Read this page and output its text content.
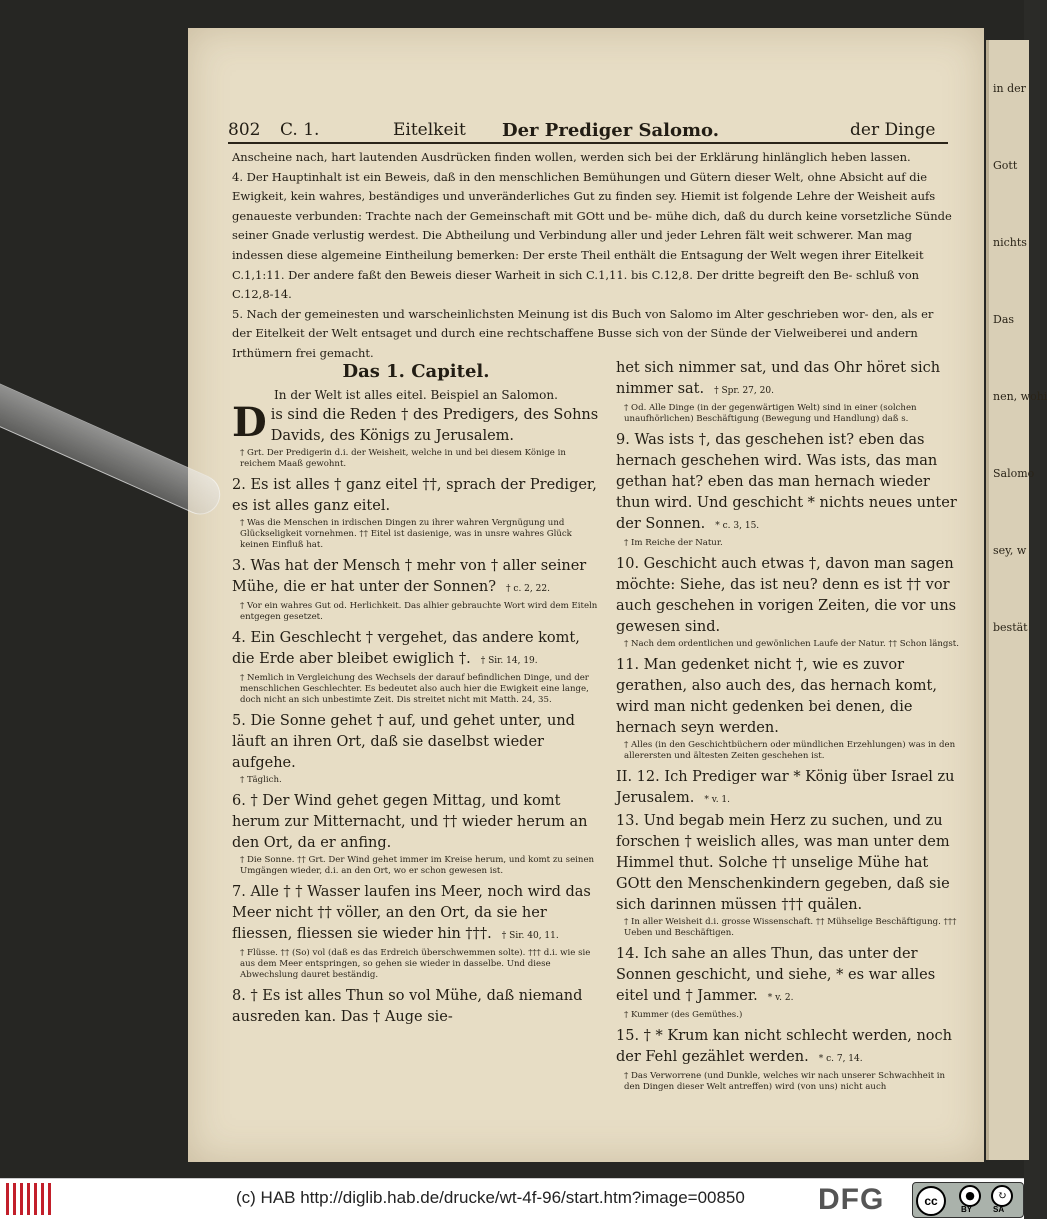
802 C. 1.	Eitelkeit Der Prediger Salomo.	der Dinge

Anscheine nach, hart lautenden Ausdrücken finden wollen, werden sich bei der Erklärung hinlänglich heben lassen.

4. Der Hauptinhalt ist ein Beweis, daß in den menschlichen Bemühungen und Gütern dieser Welt, ohne Absicht auf die Ewigkeit, kein wahres, beständiges und unveränderliches Gut zu finden sey. Hiemit ist folgende Lehre der Weisheit aufs genaueste verbunden: Trachte nach der Gemeinschaft mit GOtt und be- mühe dich, daß du durch keine vorsetzliche Sünde seiner Gnade verlustig werdest. Die Abtheilung und Verbindung aller und jeder Lehren fält weit schwerer. Man mag indessen diese algemeine Eintheilung bemerken: Der erste Theil enthält die Entsagung der Welt wegen ihrer Eitelkeit C.1,1:11. Der andere faßt den Beweis dieser Warheit in sich C.1,11. bis C.12,8. Der dritte begreift den Be- schluß von C.12,8-14.

5. Nach der gemeinesten und warscheinlichsten Meinung ist dis Buch von Salomo im Alter geschrieben wor- den, als er der Eitelkeit der Welt entsaget und durch eine rechtschaffene Busse sich von der Sünde der Vielweiberei und andern Irthümern frei gemacht.

Das 1. Capitel.

In der Welt ist alles eitel. Beispiel an Salomon.

Dis sind die Reden † des Predigers, des Sohns Davids, des Königs zu Jerusalem.

† Grt. Der Predigerin d.i. der Weisheit, welche in und bei diesem Könige in reichem Maaß gewohnt.

2. Es ist alles † ganz eitel ††, sprach der Prediger, es ist alles ganz eitel.

† Was die Menschen in irdischen Dingen zu ihrer wahren Vergnügung und Glückseligkeit vornehmen. †† Eitel ist dasienige, was in unsre wahres Glück keinen Einfluß hat.

3. Was hat der Mensch † mehr von † aller seiner Mühe, die er hat unter der Sonnen? † c. 2, 22.

† Vor ein wahres Gut od. Herlichkeit. Das alhier gebrauchte Wort wird dem Eiteln entgegen gesetzet.

4. Ein Geschlecht † vergehet, das andere komt, die Erde aber bleibet ewiglich †. † Sir. 14, 19.

† Nemlich in Vergleichung des Wechsels der darauf befindlichen Dinge, und der menschlichen Geschlechter. Es bedeutet also auch hier die Ewigkeit eine lange, doch nicht an sich unbestimte Zeit. Dis streitet nicht mit Matth. 24, 35.

5. Die Sonne gehet † auf, und gehet unter, und läuft an ihren Ort, daß sie daselbst wieder aufgehe.

† Täglich.

6. † Der Wind gehet gegen Mittag, und komt herum zur Mitternacht, und †† wieder herum an den Ort, da er anfing.

† Die Sonne. †† Grt. Der Wind gehet immer im Kreise herum, und komt zu seinen Umgängen wieder, d.i. an den Ort, wo er schon gewesen ist.

7. Alle † † Wasser laufen ins Meer, noch wird das Meer nicht †† völler, an den Ort, da sie her fliessen, fliessen sie wieder hin †††. † Sir. 40, 11.

† Flüsse. †† (So) vol (daß es das Erdreich überschwemmen solte). ††† d.i. wie sie aus dem Meer entspringen, so gehen sie wieder in dasselbe. Und diese Abwechslung dauret beständig.

8. † Es ist alles Thun so vol Mühe, daß niemand ausreden kan. Das † Auge sie-

het sich nimmer sat, und das Ohr höret sich nimmer sat. † Spr. 27, 20.

† Od. Alle Dinge (in der gegenwärtigen Welt) sind in einer (solchen unaufhörlichen) Beschäftigung (Bewegung und Handlung) daß s.

9. Was ists †, das geschehen ist? eben das hernach geschehen wird. Was ists, das man gethan hat? eben das man hernach wieder thun wird. Und geschicht * nichts neues unter der Sonnen. * c. 3, 15.

† Im Reiche der Natur.

10. Geschicht auch etwas †, davon man sagen möchte: Siehe, das ist neu? denn es ist †† vor auch geschehen in vorigen Zeiten, die vor uns gewesen sind.

† Nach dem ordentlichen und gewönlichen Laufe der Natur. †† Schon längst.

11. Man gedenket nicht †, wie es zuvor gerathen, also auch des, das hernach komt, wird man nicht gedenken bei denen, die hernach seyn werden.

† Alles (in den Geschichtbüchern oder mündlichen Erzehlungen) was in den allerersten und ältesten Zeiten geschehen ist.

II. 12. Ich Prediger war * König über Israel zu Jerusalem. * v. 1.

13. Und begab mein Herz zu suchen, und zu forschen † weislich alles, was man unter dem Himmel thut. Solche †† unselige Mühe hat GOtt den Menschenkindern gegeben, daß sie sich darinnen müssen ††† quälen.

† In aller Weisheit d.i. grosse Wissenschaft. †† Mühselige Beschäftigung. ††† Ueben und Beschäftigen.

14. Ich sahe an alles Thun, das unter der Sonnen geschicht, und siehe, * es war alles eitel und † Jammer. * v. 2.

† Kummer (des Gemüthes.)

15. † * Krum kan nicht schlecht werden, noch der Fehl gezählet werden. * c. 7, 14.

† Das Verworrene (und Dunkle, welches wir nach unserer Schwachheit in den Dingen dieser Welt antreffen) wird (von uns) nicht auch

in der
Gott
nichts
Das
nen, wohi
Salomo
sey, w
bestät
(c) HAB http://diglib.hab.de/drucke/wt-4f-96/start.htm?image=00850 DFG	cc	●	↻
BY	SA
